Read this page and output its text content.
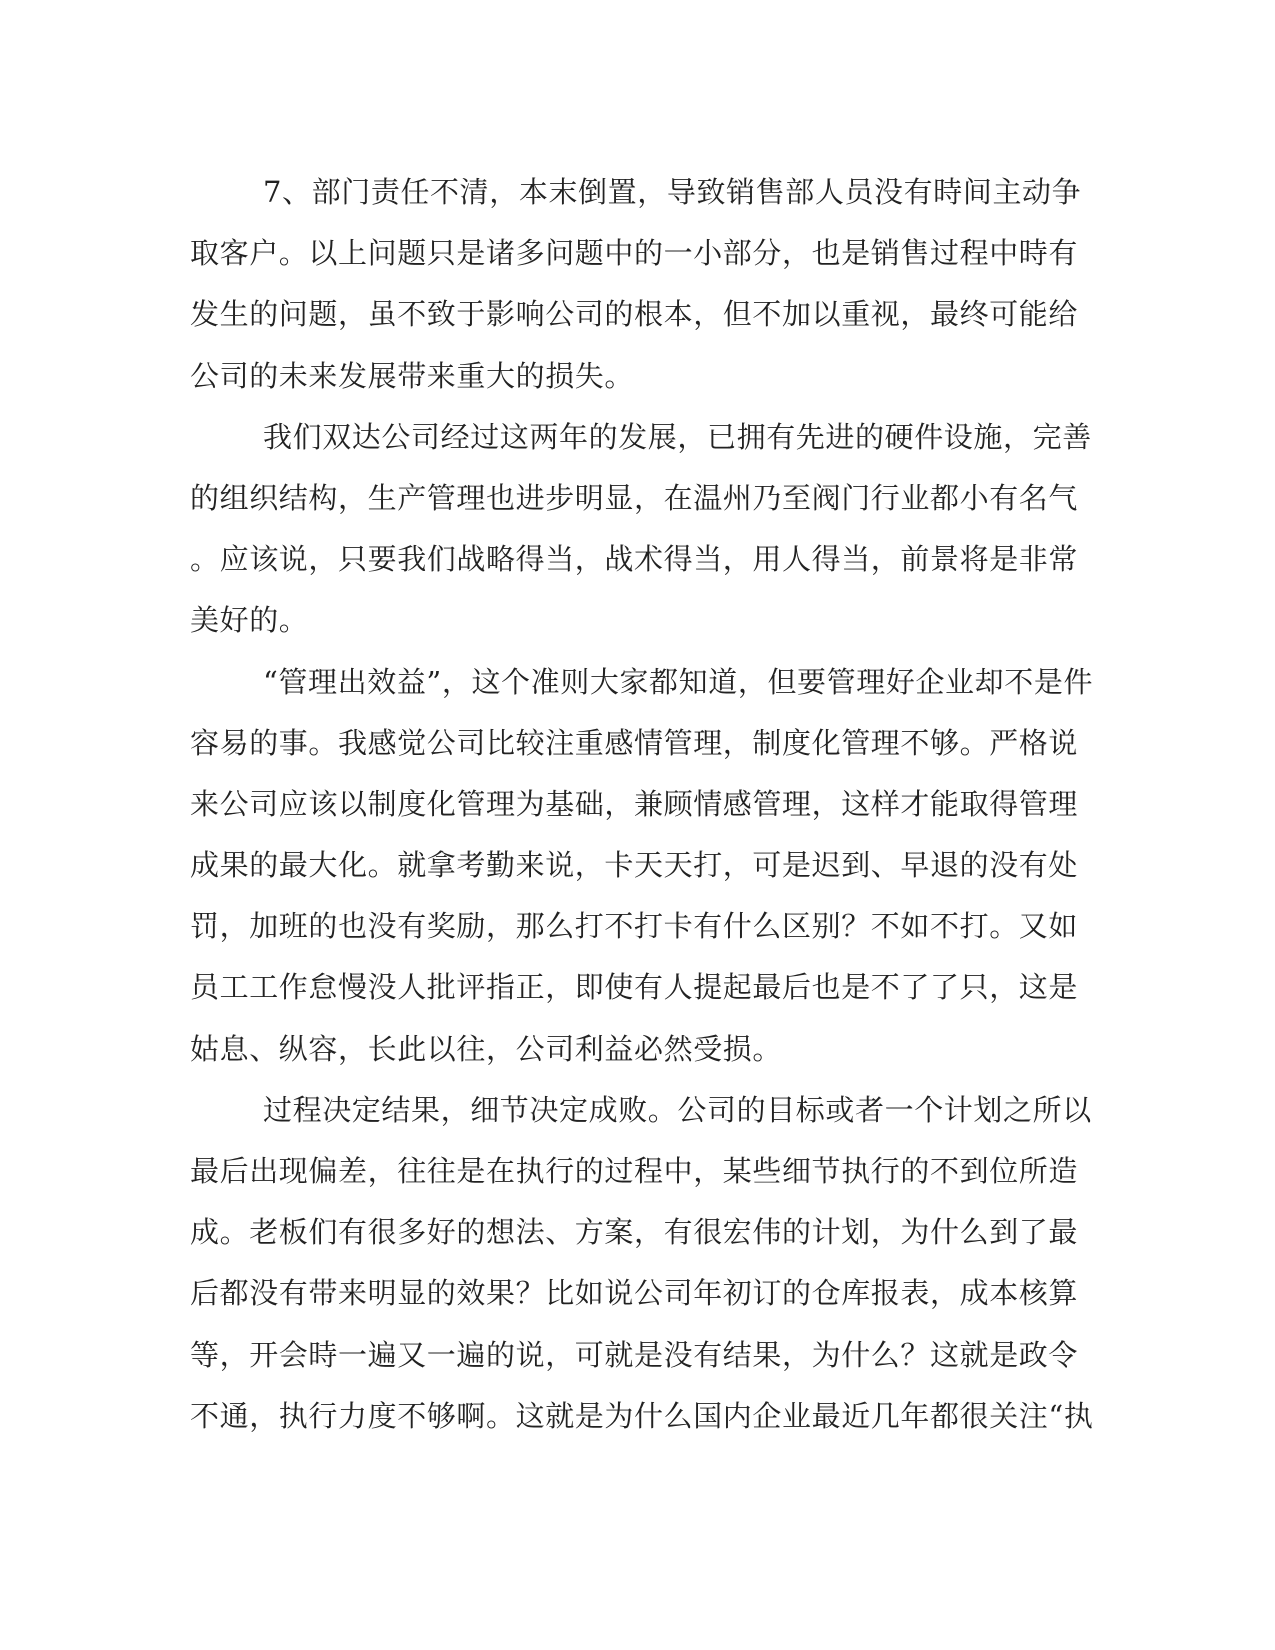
7、部门责任不清，本末倒置，导致销售部人员没有時间主动争
取客户。以上问题只是诸多问题中的一小部分，也是销售过程中時有
发生的问题，虽不致于影响公司的根本，但不加以重视，最终可能给
公司的未来发展带来重大的损失。
我们双达公司经过这两年的发展，已拥有先进的硬件设施，完善
的组织结构，生产管理也进步明显，在温州乃至阀门行业都小有名气
。应该说，只要我们战略得当，战术得当，用人得当，前景将是非常
美好的。
“管理出效益”，这个准则大家都知道，但要管理好企业却不是件
容易的事。我感觉公司比较注重感情管理，制度化管理不够。严格说
来公司应该以制度化管理为基础，兼顾情感管理，这样才能取得管理
成果的最大化。就拿考勤来说，卡天天打，可是迟到、早退的没有处
罚，加班的也没有奖励，那么打不打卡有什么区别？不如不打。又如
员工工作怠慢没人批评指正，即使有人提起最后也是不了了只，这是
姑息、纵容，长此以往，公司利益必然受损。
过程决定结果，细节决定成败。公司的目标或者一个计划之所以
最后出现偏差，往往是在执行的过程中，某些细节执行的不到位所造
成。老板们有很多好的想法、方案，有很宏伟的计划，为什么到了最
后都没有带来明显的效果？比如说公司年初订的仓库报表，成本核算
等，开会時一遍又一遍的说，可就是没有结果，为什么？这就是政令
不通，执行力度不够啊。这就是为什么国内企业最近几年都很关注“执
